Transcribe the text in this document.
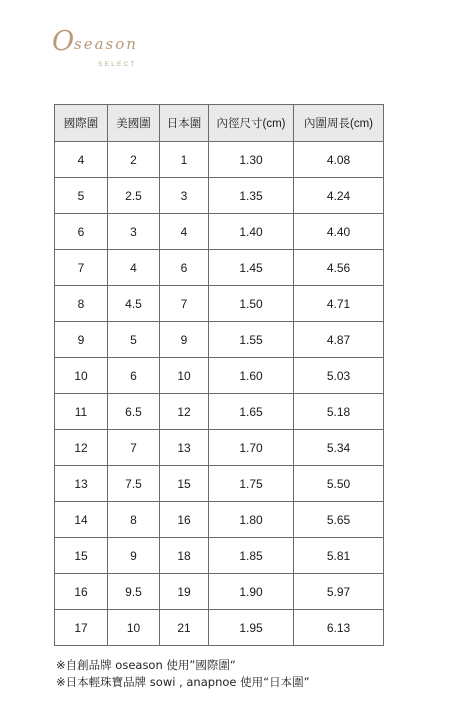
O season
SELECT
國際圍	美國圍	日本圍	內徑尺寸(cm)	內圍周長(cm)
4	2	1	1.30	4.08
5	2.5	3	1.35	4.24
6	3	4	1.40	4.40
7	4	6	1.45	4.56
8	4.5	7	1.50	4.71
9	5	9	1.55	4.87
10	6	10	1.60	5.03
11	6.5	12	1.65	5.18
12	7	13	1.70	5.34
13	7.5	15	1.75	5.50
14	8	16	1.80	5.65
15	9	18	1.85	5.81
16	9.5	19	1.90	5.97
17	10	21	1.95	6.13
※自創品牌 oseason 使用”國際圍“
※日本輕珠寶品牌 sowi , anapnoe 使用“日本圍”
